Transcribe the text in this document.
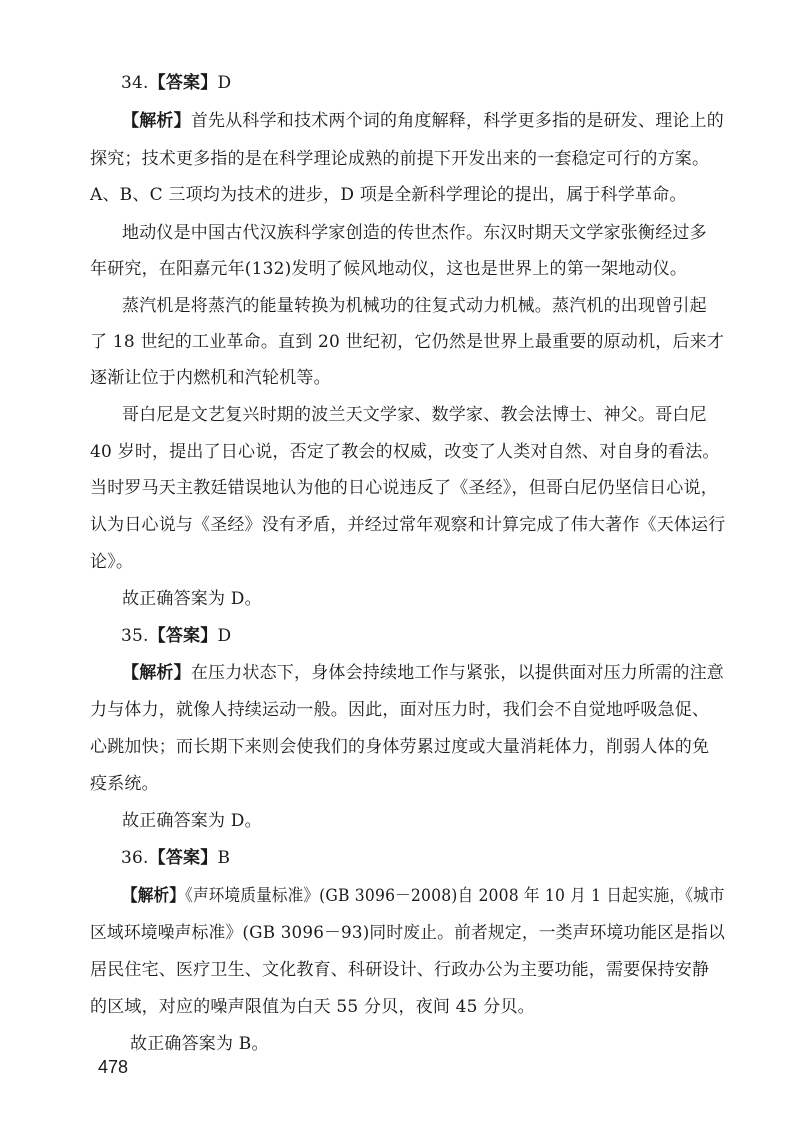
34.【答案】D
【解析】首先从科学和技术两个词的角度解释，科学更多指的是研发、理论上的
探究；技术更多指的是在科学理论成熟的前提下开发出来的一套稳定可行的方案。
A、B、C 三项均为技术的进步，D 项是全新科学理论的提出，属于科学革命。
地动仪是中国古代汉族科学家创造的传世杰作。东汉时期天文学家张衡经过多
年研究，在阳嘉元年(132)发明了候风地动仪，这也是世界上的第一架地动仪。
蒸汽机是将蒸汽的能量转换为机械功的往复式动力机械。蒸汽机的出现曾引起
了 18 世纪的工业革命。直到 20 世纪初，它仍然是世界上最重要的原动机，后来才
逐渐让位于内燃机和汽轮机等。
哥白尼是文艺复兴时期的波兰天文学家、数学家、教会法博士、神父。哥白尼
40 岁时，提出了日心说，否定了教会的权威，改变了人类对自然、对自身的看法。
当时罗马天主教廷错误地认为他的日心说违反了《圣经》，但哥白尼仍坚信日心说，
认为日心说与《圣经》没有矛盾，并经过常年观察和计算完成了伟大著作《天体运行
论》。
故正确答案为 D。
35.【答案】D
【解析】在压力状态下，身体会持续地工作与紧张，以提供面对压力所需的注意
力与体力，就像人持续运动一般。因此，面对压力时，我们会不自觉地呼吸急促、
心跳加快；而长期下来则会使我们的身体劳累过度或大量消耗体力，削弱人体的免
疫系统。
故正确答案为 D。
36.【答案】B
【解析】《声环境质量标准》(GB 3096－2008)自 2008 年 10 月 1 日起实施，《城市
区域环境噪声标准》(GB 3096－93)同时废止。前者规定，一类声环境功能区是指以
居民住宅、医疗卫生、文化教育、科研设计、行政办公为主要功能，需要保持安静
的区域，对应的噪声限值为白天 55 分贝，夜间 45 分贝。
故正确答案为 B。
478
